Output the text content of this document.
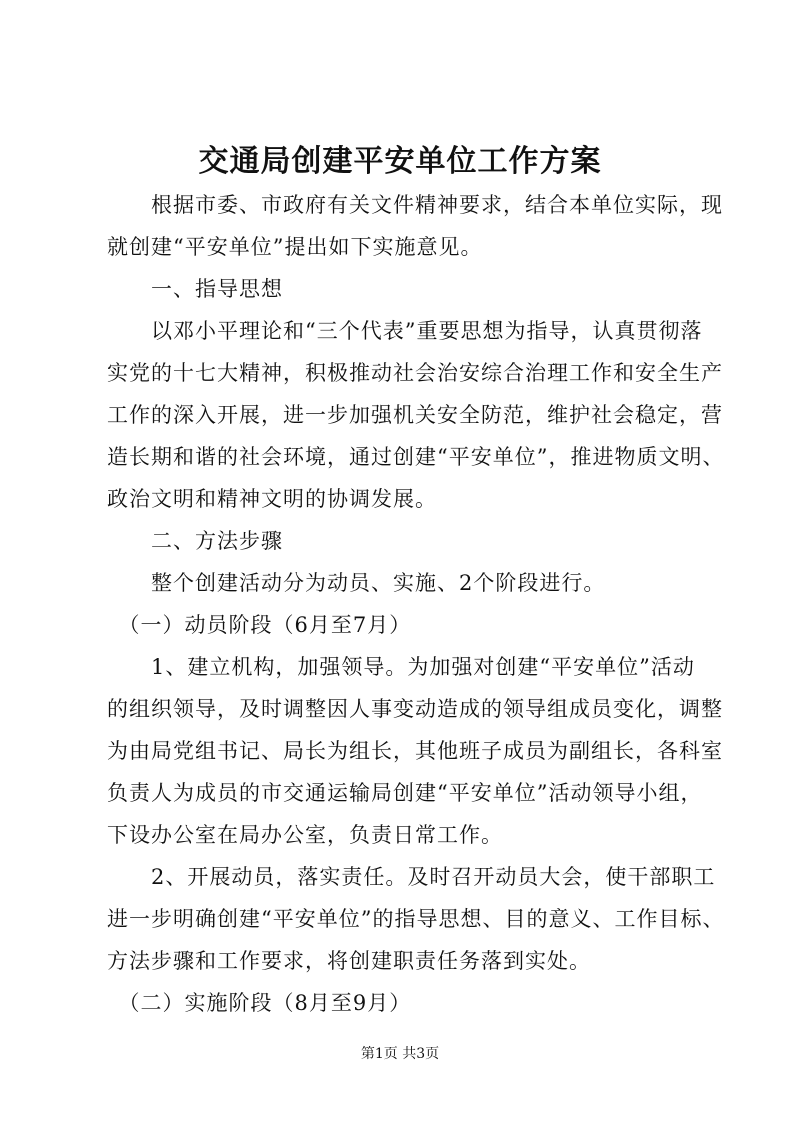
交通局创建平安单位工作方案
　　根据市委、市政府有关文件精神要求，结合本单位实际，现
就创建“平安单位”提出如下实施意见。
　　一、指导思想
　　以邓小平理论和“三个代表”重要思想为指导，认真贯彻落
实党的十七大精神，积极推动社会治安综合治理工作和安全生产
工作的深入开展，进一步加强机关安全防范，维护社会稳定，营
造长期和谐的社会环境，通过创建“平安单位”，推进物质文明、
政治文明和精神文明的协调发展。
　　二、方法步骤
　　整个创建活动分为动员、实施、2个阶段进行。
　（一）动员阶段（6月至7月）
　　1、建立机构，加强领导。为加强对创建“平安单位”活动
的组织领导，及时调整因人事变动造成的领导组成员变化，调整
为由局党组书记、局长为组长，其他班子成员为副组长，各科室
负责人为成员的市交通运输局创建“平安单位”活动领导小组，
下设办公室在局办公室，负责日常工作。
　　2、开展动员，落实责任。及时召开动员大会，使干部职工
进一步明确创建“平安单位”的指导思想、目的意义、工作目标、
方法步骤和工作要求，将创建职责任务落到实处。
　（二）实施阶段（8月至9月）
第1页 共3页
